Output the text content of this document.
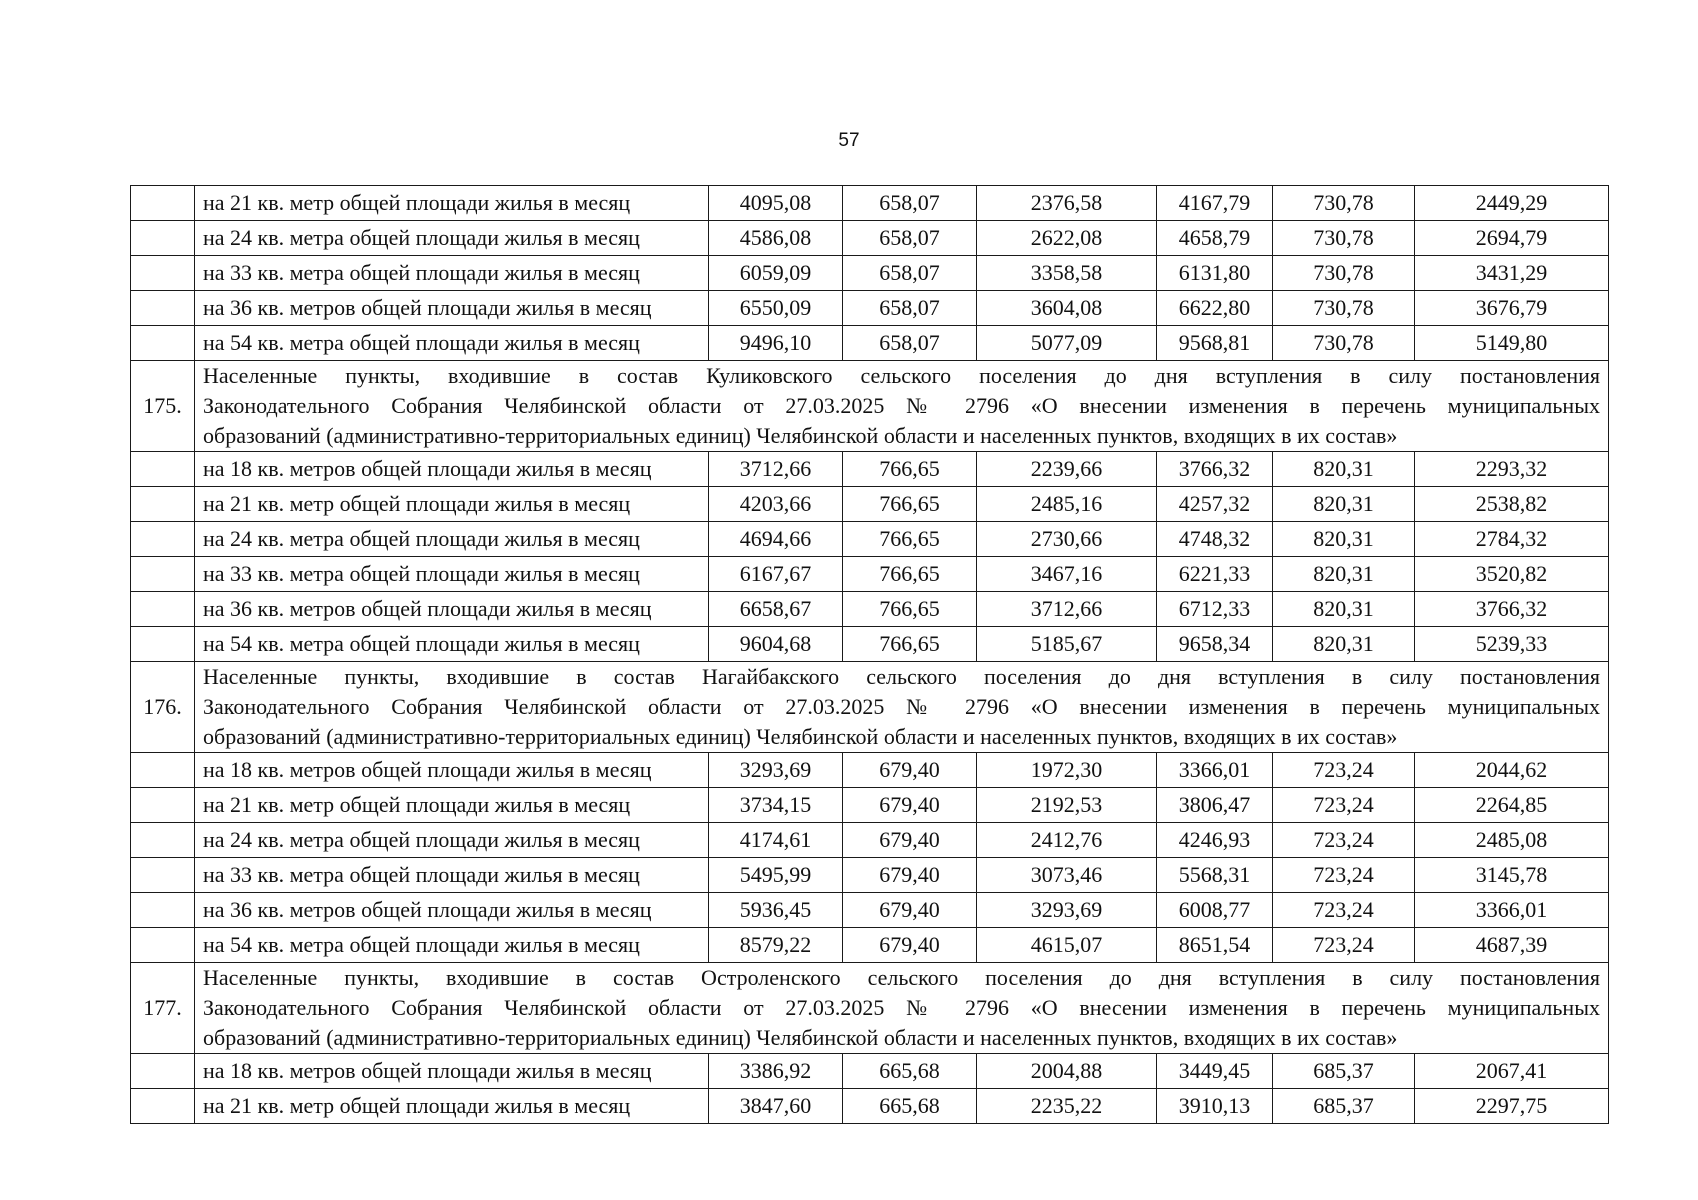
57
	на 21 кв. метр общей площади жилья в месяц	4095,08	658,07	2376,58	4167,79	730,78	2449,29
	на 24 кв. метра общей площади жилья в месяц	4586,08	658,07	2622,08	4658,79	730,78	2694,79
	на 33 кв. метра общей площади жилья в месяц	6059,09	658,07	3358,58	6131,80	730,78	3431,29
	на 36 кв. метров общей площади жилья в месяц	6550,09	658,07	3604,08	6622,80	730,78	3676,79
	на 54 кв. метра общей площади жилья в месяц	9496,10	658,07	5077,09	9568,81	730,78	5149,80
175.	Населенные пункты, входившие в состав Куликовского сельского поселения до дня вступления в силу постановления
Законодательного Собрания Челябинской области от 27.03.2025 № 2796 «О внесении изменения в перечень муниципальных
образований (административно-территориальных единиц) Челябинской области и населенных пунктов, входящих в их состав»						

	на 18 кв. метров общей площади жилья в месяц	3712,66	766,65	2239,66	3766,32	820,31	2293,32
	на 21 кв. метр общей площади жилья в месяц	4203,66	766,65	2485,16	4257,32	820,31	2538,82
	на 24 кв. метра общей площади жилья в месяц	4694,66	766,65	2730,66	4748,32	820,31	2784,32
	на 33 кв. метра общей площади жилья в месяц	6167,67	766,65	3467,16	6221,33	820,31	3520,82
	на 36 кв. метров общей площади жилья в месяц	6658,67	766,65	3712,66	6712,33	820,31	3766,32
	на 54 кв. метра общей площади жилья в месяц	9604,68	766,65	5185,67	9658,34	820,31	5239,33
176.	Населенные пункты, входившие в состав Нагайбакского сельского поселения до дня вступления в силу постановления
Законодательного Собрания Челябинской области от 27.03.2025 № 2796 «О внесении изменения в перечень муниципальных
образований (административно-территориальных единиц) Челябинской области и населенных пунктов, входящих в их состав»						

	на 18 кв. метров общей площади жилья в месяц	3293,69	679,40	1972,30	3366,01	723,24	2044,62
	на 21 кв. метр общей площади жилья в месяц	3734,15	679,40	2192,53	3806,47	723,24	2264,85
	на 24 кв. метра общей площади жилья в месяц	4174,61	679,40	2412,76	4246,93	723,24	2485,08
	на 33 кв. метра общей площади жилья в месяц	5495,99	679,40	3073,46	5568,31	723,24	3145,78
	на 36 кв. метров общей площади жилья в месяц	5936,45	679,40	3293,69	6008,77	723,24	3366,01
	на 54 кв. метра общей площади жилья в месяц	8579,22	679,40	4615,07	8651,54	723,24	4687,39
177.	Населенные пункты, входившие в состав Остроленского сельского поселения до дня вступления в силу постановления
Законодательного Собрания Челябинской области от 27.03.2025 № 2796 «О внесении изменения в перечень муниципальных
образований (административно-территориальных единиц) Челябинской области и населенных пунктов, входящих в их состав»						

	на 18 кв. метров общей площади жилья в месяц	3386,92	665,68	2004,88	3449,45	685,37	2067,41
	на 21 кв. метр общей площади жилья в месяц	3847,60	665,68	2235,22	3910,13	685,37	2297,75
